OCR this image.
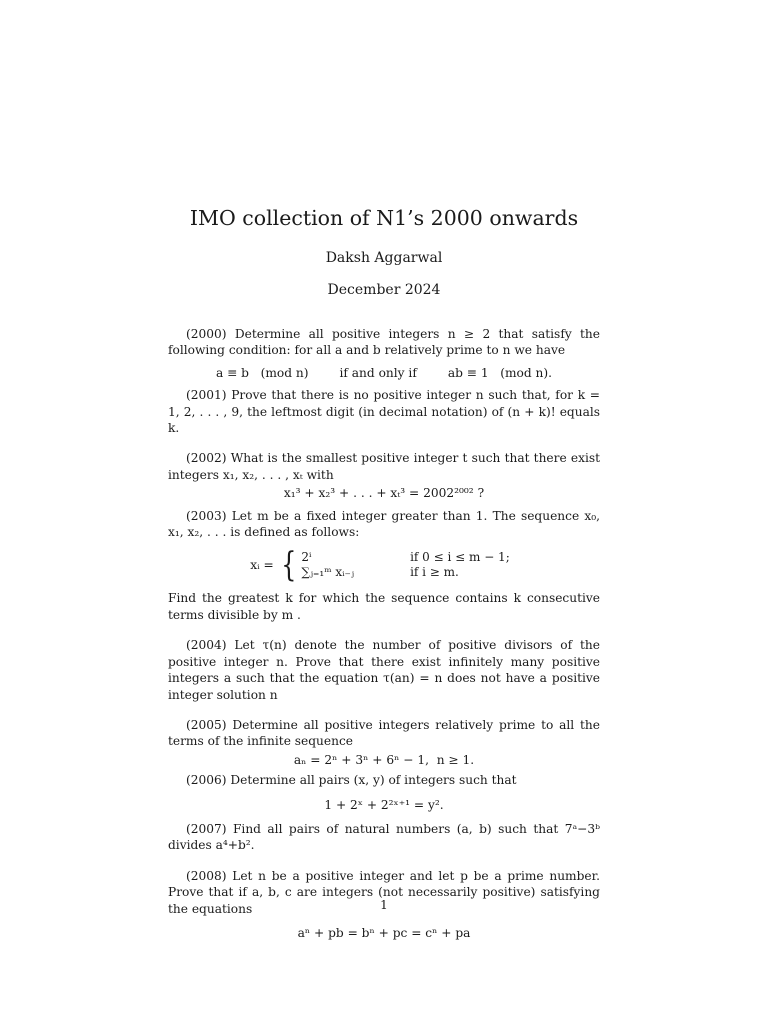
IMO collection of N1’s 2000 onwards
Daksh Aggarwal
December 2024

(2000) Determine all positive integers n ≥ 2 that satisfy the following condition: for all a and b relatively prime to n we have

a ≡ b   (mod n)        if and only if        ab ≡ 1   (mod n).

(2001) Prove that there is no positive integer n such that, for k = 1, 2, . . . , 9, the leftmost digit (in decimal notation) of (n + k)! equals k.

(2002) What is the smallest positive integer t such that there exist integers x₁, x₂, . . . , xₜ with

x₁³ + x₂³ + . . . + xₜ³ = 2002²⁰⁰² ?

(2003) Let m be a fixed integer greater than 1. The sequence x₀, x₁, x₂, . . . is defined as follows:

xᵢ = { 2ⁱ	if 0 ≤ i ≤ m − 1;
∑ⱼ₌₁ᵐ xᵢ₋ⱼ	if i ≥ m.

Find the greatest k for which the sequence contains k consecutive terms divisible by m .

(2004) Let τ(n) denote the number of positive divisors of the positive integer n. Prove that there exist infinitely many positive integers a such that the equation τ(an) = n does not have a positive integer solution n

(2005) Determine all positive integers relatively prime to all the terms of the infinite sequence

aₙ = 2ⁿ + 3ⁿ + 6ⁿ − 1,  n ≥ 1.

(2006) Determine all pairs (x, y) of integers such that

1 + 2ˣ + 2²ˣ⁺¹ = y².

(2007) Find all pairs of natural numbers (a, b) such that 7ᵃ−3ᵇ divides a⁴+b².

(2008) Let n be a positive integer and let p be a prime number. Prove that if a, b, c are integers (not necessarily positive) satisfying the equations

aⁿ + pb = bⁿ + pc = cⁿ + pa
1
